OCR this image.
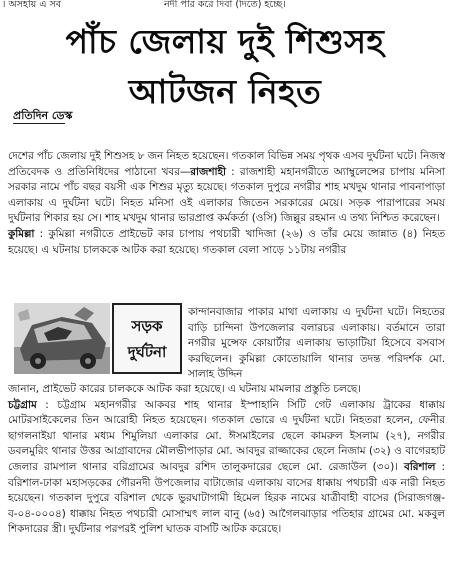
। অসহায় এ সব	নদী পার করে দিবা (দিতে) হচ্ছে।
পাঁচ জেলায় দুই শিশুসহ
আটজন নিহত
প্রতিদিন ডেস্ক

দেশের পাঁচ জেলায় দুই শিশুসহ ৮ জন নিহত হয়েছেন। গতকাল বিভিন্ন সময় পৃথক এসব দুর্ঘটনা ঘটে। নিজস্ব প্রতিবেদক ও প্রতিনিধিদের পাঠানো খবর—রাজশাহী : রাজশাহী মহানগরীতে অ্যাম্বুলেন্সের চাপায় মনিসা সরকার নামে পাঁচ বছর বয়সী এক শিশুর মৃত্যু হয়েছে। গতকাল দুপুরে নগরীর শাহ মখদুম থানার পাবনাপাড়া এলাকায় এ দুর্ঘটনা ঘটে। নিহত মনিসা ওই এলাকার জিতেন সরকারের মেয়ে। সড়ক পারাপারের সময় দুর্ঘটনার শিকার হয় সে। শাহ মখদুম থানার ভারপ্রাপ্ত কর্মকর্তা (ওসি) জিল্লুর রহমান এ তথ্য নিশ্চিত করেছেন।

কুমিল্লা : কুমিল্লা নগরীতে প্রাইভেট কার চাপায় পথচারী খাদিজা (২৬) ও তাঁর মেয়ে জান্নাত (৪) নিহত হয়েছে। এ ঘটনায় চালককে আটক করা হয়েছে। গতকাল বেলা সাড়ে ১১টায় নগরীর

সড়ক
দুর্ঘটনা

কান্দানবাজার পাকার মাথা এলাকায় এ দুর্ঘটনা ঘটে। নিহতের বাড়ি চান্দিনা উপজেলার বলারচর এলাকায়। বর্তমানে তারা নগরীর মুন্সেফ কোয়ার্টার এলাকায় ভাড়াটিয়া হিসেবে বসবাস করছিলেন। কুমিল্লা কোতোয়ালি থানার তদন্ত পরিদর্শক মো. সালাহ উদ্দিন

জানান, প্রাইভেট কারের চালককে আটক করা হয়েছে। এ ঘটনায় মামলার প্রস্তুতি চলছে।

চট্টগ্রাম : চট্টগ্রাম মহানগরীর আকবর শাহ থানার ইস্পাহানি সিটি গেট এলাকায় ট্রাকের ধাক্কায় মোটরসাইকেলের তিন আরোহী নিহত হয়েছেন। গতকাল ভোরে এ দুর্ঘটনা ঘটে। নিহতরা হলেন, ফেনীর ছাগলনাইয়া থানার মধ্যম শিমুলিয়া এলাকার মো. ঈসমাইলের ছেলে কামরুল ইসলাম (২৭), নগরীর ডবলমুরিং থানার উত্তর আগ্রাবাদের মৌলভীপাড়ার মো. আবদুর রাজ্জাকের ছেলে নিজাম (৩২) ও বাগেরহাট জেলার রামপাল থানার বরিগ্রামের আবদুর রশিদ তালুকদারের ছেলে মো. রেজাউল (৩০)। বরিশাল : বরিশাল-ঢাকা মহাসড়কের গৌরনদী উপজেলার বাটাজোর এলাকায় বাসের ধাক্কায় পথচারী এক নারী নিহত হয়েছেন। গতকাল দুপুরে বরিশাল থেকে ভুরঘাটাগামী হিমেল হিরক নামের যাত্রীবাহী বাসের (সিরাজগঞ্জ-ব-০৪-০০০৪) ধাক্কায় নিহত পথচারী মোসাম্মৎ লাল বানু (৬৫) আগৈলঝাড়ার পতিহার গ্রামের মো. মকবুল শিকদারের স্ত্রী। দুর্ঘটনার পরপরই পুলিশ ঘাতক বাসটি আটক করেছে।
